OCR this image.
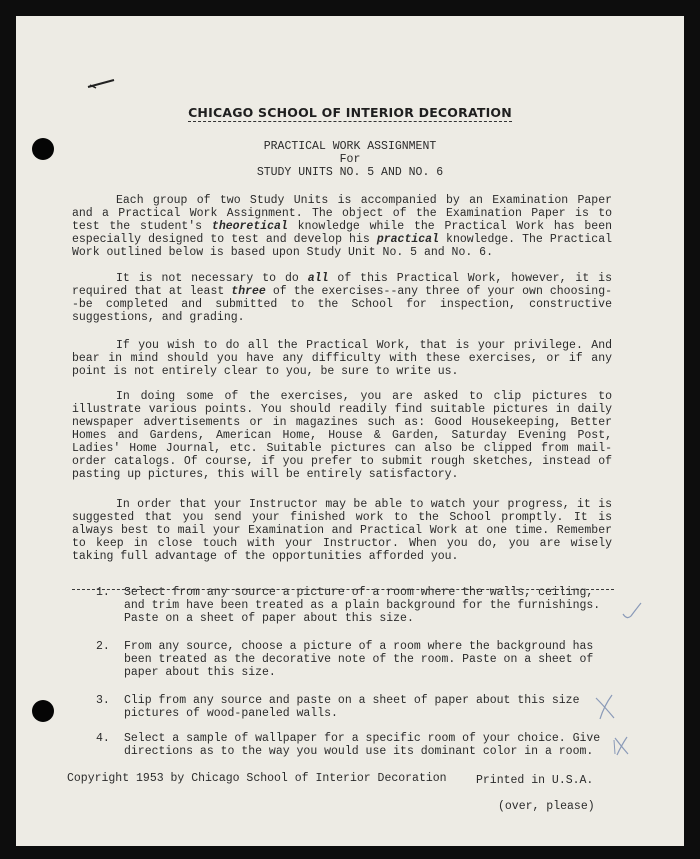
CHICAGO SCHOOL OF INTERIOR DECORATION
PRACTICAL WORK ASSIGNMENT
For
STUDY UNITS NO. 5 AND NO. 6

Each group of two Study Units is accompanied by an Examination Paper and a Practical Work Assignment. The object of the Examination Paper is to test the student's theoretical knowledge while the Practical Work has been especially designed to test and develop his practical knowledge. The Practical Work outlined below is based upon Study Unit No. 5 and No. 6.

It is not necessary to do all of this Practical Work, however, it is required that at least three of the exercises--any three of your own choosing--be completed and submitted to the School for inspection, constructive suggestions, and grading.

If you wish to do all the Practical Work, that is your privilege. And bear in mind should you have any difficulty with these exercises, or if any point is not entirely clear to you, be sure to write us.

In doing some of the exercises, you are asked to clip pictures to illustrate various points. You should readily find suitable pictures in daily newspaper advertisements or in magazines such as: Good Housekeeping, Better Homes and Gardens, American Home, House & Garden, Saturday Evening Post, Ladies' Home Journal, etc. Suitable pictures can also be clipped from mail-order catalogs. Of course, if you prefer to submit rough sketches, instead of pasting up pictures, this will be entirely satisfactory.

In order that your Instructor may be able to watch your progress, it is suggested that you send your finished work to the School promptly. It is always best to mail your Examination and Practical Work at one time. Remember to keep in close touch with your Instructor. When you do, you are wisely taking full advantage of the opportunities afforded you.

1.	Select from any source a picture of a room where the walls, ceiling, and trim have been treated as a plain background for the furnishings. Paste on a sheet of paper about this size.
2.	From any source, choose a picture of a room where the background has been treated as the decorative note of the room. Paste on a sheet of paper about this size.
3.	Clip from any source and paste on a sheet of paper about this size pictures of wood-paneled walls.
4.	Select a sample of wallpaper for a specific room of your choice. Give directions as to the way you would use its dominant color in a room.
Copyright 1953 by Chicago School of Interior Decoration	Printed in U.S.A.
(over, please)
